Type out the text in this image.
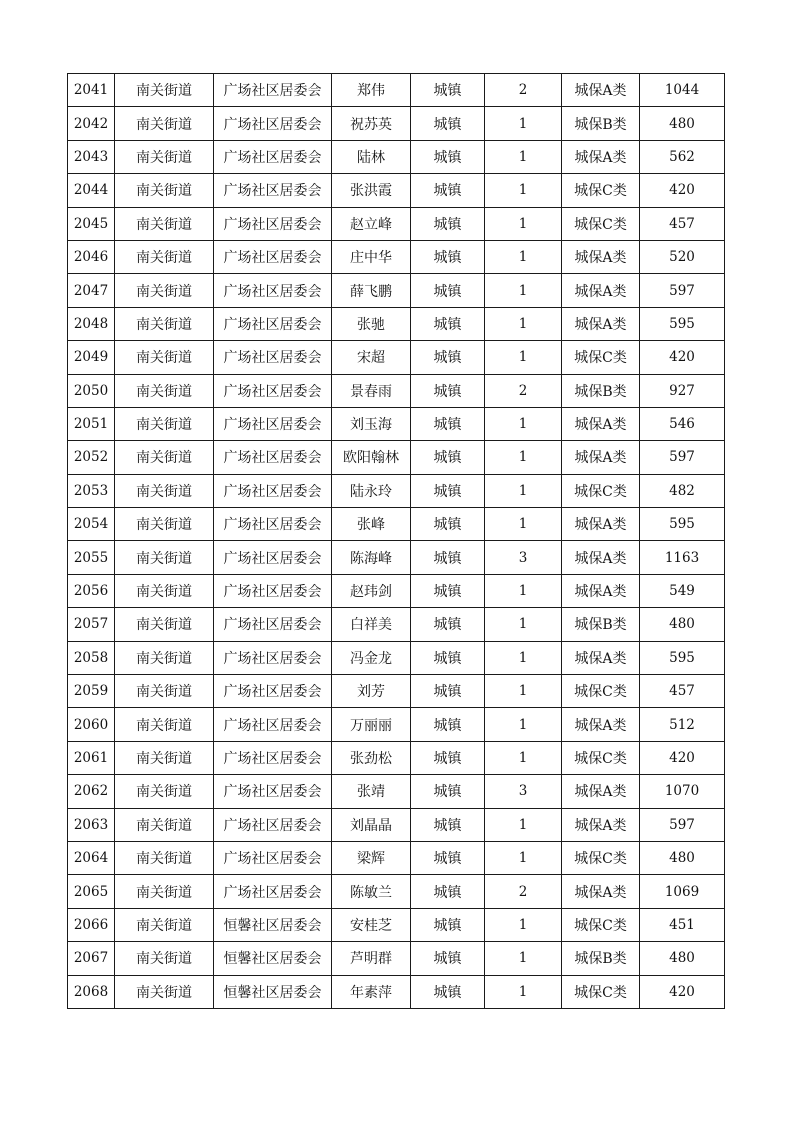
2041	南关街道	广场社区居委会	郑伟	城镇	2	城保A类	1044
2042	南关街道	广场社区居委会	祝苏英	城镇	1	城保B类	480
2043	南关街道	广场社区居委会	陆林	城镇	1	城保A类	562
2044	南关街道	广场社区居委会	张洪霞	城镇	1	城保C类	420
2045	南关街道	广场社区居委会	赵立峰	城镇	1	城保C类	457
2046	南关街道	广场社区居委会	庄中华	城镇	1	城保A类	520
2047	南关街道	广场社区居委会	薛飞鹏	城镇	1	城保A类	597
2048	南关街道	广场社区居委会	张驰	城镇	1	城保A类	595
2049	南关街道	广场社区居委会	宋超	城镇	1	城保C类	420
2050	南关街道	广场社区居委会	景春雨	城镇	2	城保B类	927
2051	南关街道	广场社区居委会	刘玉海	城镇	1	城保A类	546
2052	南关街道	广场社区居委会	欧阳翰林	城镇	1	城保A类	597
2053	南关街道	广场社区居委会	陆永玲	城镇	1	城保C类	482
2054	南关街道	广场社区居委会	张峰	城镇	1	城保A类	595
2055	南关街道	广场社区居委会	陈海峰	城镇	3	城保A类	1163
2056	南关街道	广场社区居委会	赵玮剑	城镇	1	城保A类	549
2057	南关街道	广场社区居委会	白祥美	城镇	1	城保B类	480
2058	南关街道	广场社区居委会	冯金龙	城镇	1	城保A类	595
2059	南关街道	广场社区居委会	刘芳	城镇	1	城保C类	457
2060	南关街道	广场社区居委会	万丽丽	城镇	1	城保A类	512
2061	南关街道	广场社区居委会	张劲松	城镇	1	城保C类	420
2062	南关街道	广场社区居委会	张靖	城镇	3	城保A类	1070
2063	南关街道	广场社区居委会	刘晶晶	城镇	1	城保A类	597
2064	南关街道	广场社区居委会	梁辉	城镇	1	城保C类	480
2065	南关街道	广场社区居委会	陈敏兰	城镇	2	城保A类	1069
2066	南关街道	恒馨社区居委会	安桂芝	城镇	1	城保C类	451
2067	南关街道	恒馨社区居委会	芦明群	城镇	1	城保B类	480
2068	南关街道	恒馨社区居委会	年素萍	城镇	1	城保C类	420
